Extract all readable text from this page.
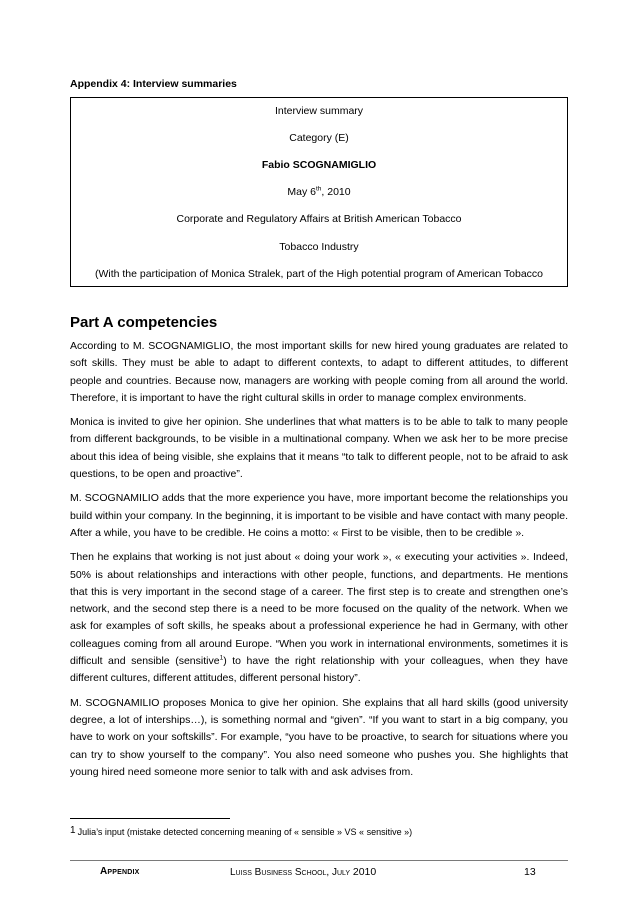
Appendix 4: Interview summaries

Interview summary

Category (E)

Fabio SCOGNAMIGLIO

May 6th, 2010

Corporate and Regulatory Affairs at British American Tobacco

Tobacco Industry

(With the participation of Monica Stralek, part of the High potential program of American Tobacco

Part A competencies

According to M. SCOGNAMIGLIO, the most important skills for new hired young graduates are related to soft skills. They must be able to adapt to different contexts, to adapt to different attitudes, to different people and countries. Because now, managers are working with people coming from all around the world. Therefore, it is important to have the right cultural skills in order to manage complex environments.

Monica is invited to give her opinion. She underlines that what matters is to be able to talk to many people from different backgrounds, to be visible in a multinational company. When we ask her to be more precise about this idea of being visible, she explains that it means “to talk to different people, not to be afraid to ask questions, to be open and proactive”.

M. SCOGNAMILIO adds that the more experience you have, more important become the relationships you build within your company. In the beginning, it is important to be visible and have contact with many people. After a while, you have to be credible. He coins a motto: « First to be visible, then to be credible ».

Then he explains that working is not just about « doing your work », « executing your activities ». Indeed, 50% is about relationships and interactions with other people, functions, and departments. He mentions that this is very important in the second stage of a career. The first step is to create and strengthen one’s network, and the second step there is a need to be more focused on the quality of the network. When we ask for examples of soft skills, he speaks about a professional experience he had in Germany, with other colleagues coming from all around Europe. “When you work in international environments, sometimes it is difficult and sensible (sensitive$^1$) to have the right relationship with your colleagues, when they have different cultures, different attitudes, different personal history”.

M. SCOGNAMILIO proposes Monica to give her opinion. She explains that all hard skills (good university degree, a lot of interships…), is something normal and “given”. “If you want to start in a big company, you have to work on your softskills”. For example, “you have to be proactive, to search for situations where you can try to show yourself to the company”. You also need someone who pushes you. She highlights that young hired need someone more senior to talk with and ask advises from.

1 Julia’s input (mistake detected concerning meaning of « sensible » VS « sensitive »)
Appendix	Luiss Business School, July 2010	13
